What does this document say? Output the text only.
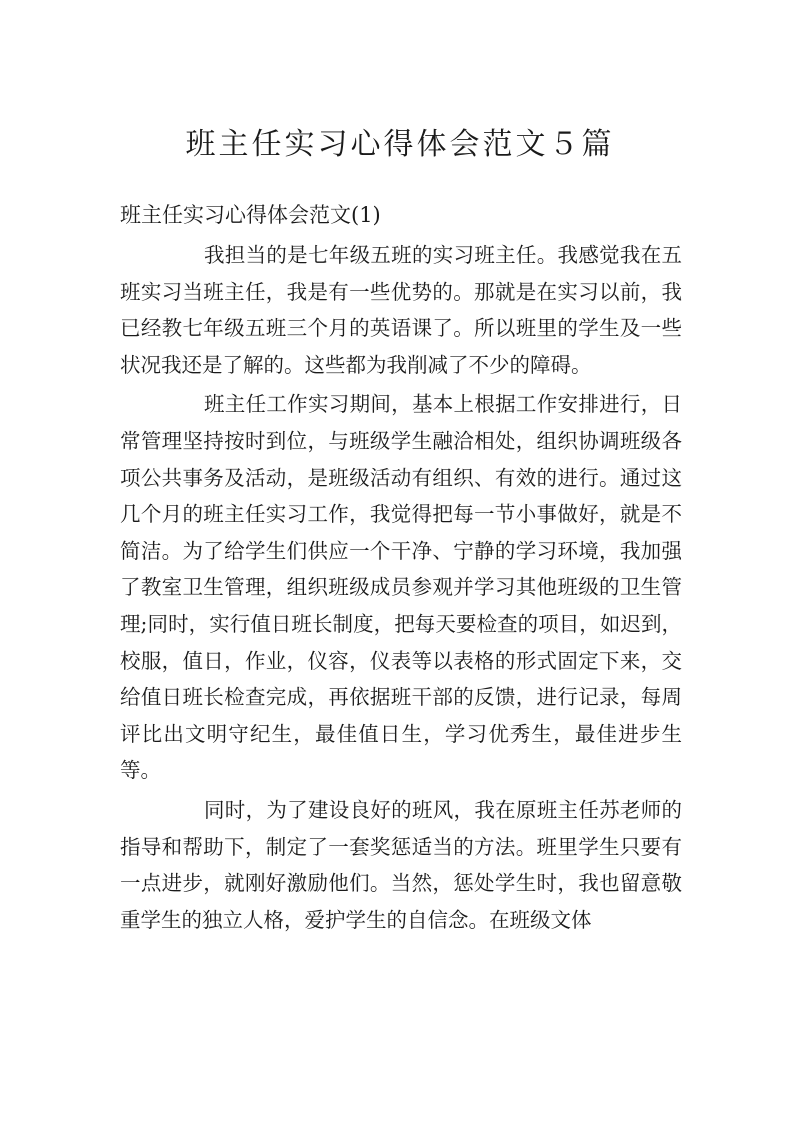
班主任实习心得体会范文５篇
班主任实习心得体会范文(1)

我担当的是七年级五班的实习班主任。我感觉我在五班实习当班主任，我是有一些优势的。那就是在实习以前，我已经教七年级五班三个月的英语课了。所以班里的学生及一些状况我还是了解的。这些都为我削减了不少的障碍。

班主任工作实习期间，基本上根据工作安排进行，日常管理坚持按时到位，与班级学生融洽相处，组织协调班级各项公共事务及活动，是班级活动有组织、有效的进行。通过这几个月的班主任实习工作，我觉得把每一节小事做好，就是不简洁。为了给学生们供应一个干净、宁静的学习环境，我加强了教室卫生管理，组织班级成员参观并学习其他班级的卫生管理;同时，实行值日班长制度，把每天要检查的项目，如迟到，校服，值日，作业，仪容，仪表等以表格的形式固定下来，交给值日班长检查完成，再依据班干部的反馈，进行记录，每周评比出文明守纪生，最佳值日生，学习优秀生，最佳进步生等。

同时，为了建设良好的班风，我在原班主任苏老师的指导和帮助下，制定了一套奖惩适当的方法。班里学生只要有一点进步，就刚好激励他们。当然，惩处学生时，我也留意敬重学生的独立人格，爱护学生的自信念。在班级文体
